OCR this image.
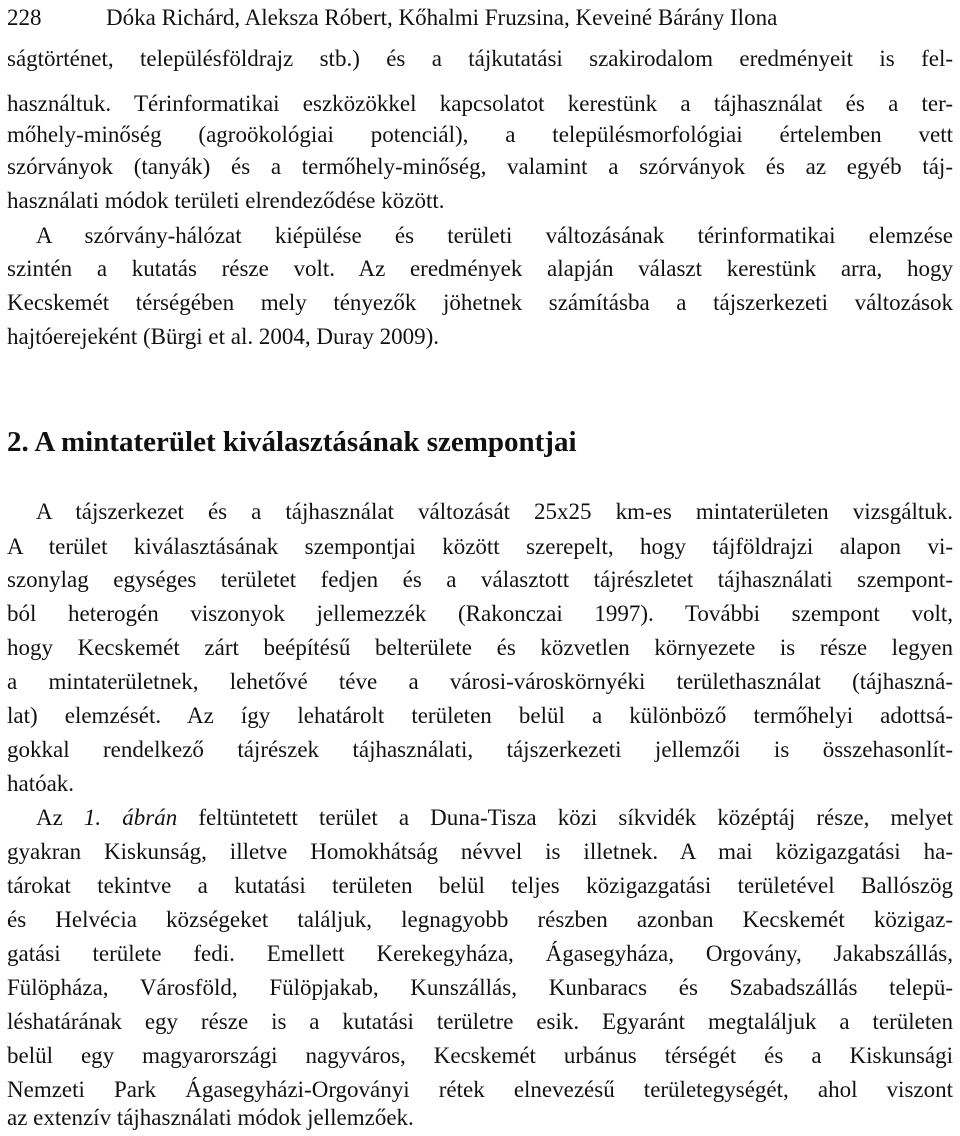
228	Dóka Richárd, Aleksza Róbert, Kőhalmi Fruzsina, Keveiné Bárány Ilona
ságtörténet, településföldrajz stb.) és a tájkutatási szakirodalom eredményeit is fel-
használtuk. Térinformatikai eszközökkel kapcsolatot kerestünk a tájhasználat és a ter-
mőhely-minőség (agroökológiai potenciál), a településmorfológiai értelemben vett
szórványok (tanyák) és a termőhely-minőség, valamint a szórványok és az egyéb táj-
használati módok területi elrendeződése között.
A szórvány-hálózat kiépülése és területi változásának térinformatikai elemzése
szintén a kutatás része volt. Az eredmények alapján választ kerestünk arra, hogy
Kecskemét térségében mely tényezők jöhetnek számításba a tájszerkezeti változások
hajtóerejeként (Bürgi et al. 2004, Duray 2009).
2. A mintaterület kiválasztásának szempontjai
A tájszerkezet és a tájhasználat változását 25x25 km-es mintaterületen vizsgáltuk.
A terület kiválasztásának szempontjai között szerepelt, hogy tájföldrajzi alapon vi-
szonylag egységes területet fedjen és a választott tájrészletet tájhasználati szempont-
ból heterogén viszonyok jellemezzék (Rakonczai 1997). További szempont volt,
hogy Kecskemét zárt beépítésű belterülete és közvetlen környezete is része legyen
a mintaterületnek, lehetővé téve a városi-városkörnyéki területhasználat (tájhaszná-
lat) elemzését. Az így lehatárolt területen belül a különböző termőhelyi adottsá-
gokkal rendelkező tájrészek tájhasználati, tájszerkezeti jellemzői is összehasonlít-
hatóak.
Az 1. ábrán feltüntetett terület a Duna-Tisza közi síkvidék középtáj része, melyet
gyakran Kiskunság, illetve Homokhátság névvel is illetnek. A mai közigazgatási ha-
tárokat tekintve a kutatási területen belül teljes közigazgatási területével Ballószög
és Helvécia községeket találjuk, legnagyobb részben azonban Kecskemét közigaz-
gatási területe fedi. Emellett Kerekegyháza, Ágasegyháza, Orgovány, Jakabszállás,
Fülöpháza, Városföld, Fülöpjakab, Kunszállás, Kunbaracs és Szabadszállás telepü-
léshatárának egy része is a kutatási területre esik. Egyaránt megtaláljuk a területen
belül egy magyarországi nagyváros, Kecskemét urbánus térségét és a Kiskunsági
Nemzeti Park Ágasegyházi-Orgoványi rétek elnevezésű területegységét, ahol viszont
az extenzív tájhasználati módok jellemzőek.
